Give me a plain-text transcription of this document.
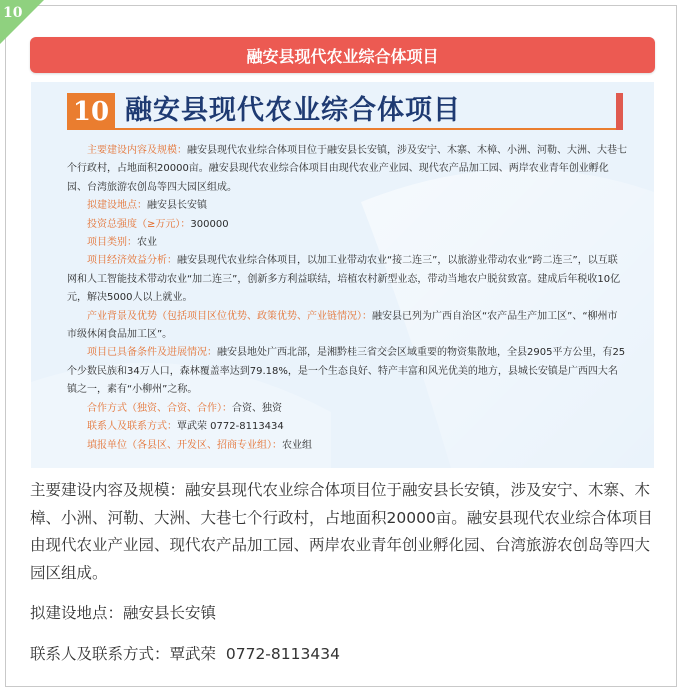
10
融安县现代农业综合体项目
10 融安县现代农业综合体项目

主要建设内容及规模：融安县现代农业综合体项目位于融安县长安镇，涉及安宁、木寨、木樟、小洲、河勒、大洲、大巷七个行政村，占地面积20000亩。融安县现代农业综合体项目由现代农业产业园、现代农产品加工园、两岸农业青年创业孵化园、台湾旅游农创岛等四大园区组成。

拟建设地点：融安县长安镇

投资总强度（≥万元）：300000

项目类别：农业

项目经济效益分析：融安县现代农业综合体项目，以加工业带动农业“接二连三”，以旅游业带动农业“跨二连三”，以互联网和人工智能技术带动农业“加二连三”，创新多方利益联结，培植农村新型业态，带动当地农户脱贫致富。建成后年税收10亿元，解决5000人以上就业。

产业背景及优势（包括项目区位优势、政策优势、产业链情况）：融安县已列为广西自治区“农产品生产加工区”、“柳州市市级休闲食品加工区”。

项目已具备条件及进展情况：融安县地处广西北部，是湘黔桂三省交会区域重要的物资集散地，全县2905平方公里，有25个少数民族和34万人口，森林覆盖率达到79.18%，是一个生态良好、特产丰富和风光优美的地方，县城长安镇是广西四大名镇之一，素有“小柳州”之称。

合作方式（独资、合资、合作）：合资、独资

联系人及联系方式：覃武荣 0772-8113434

填报单位（各县区、开发区、招商专业组）：农业组

主要建设内容及规模：融安县现代农业综合体项目位于融安县长安镇，涉及安宁、木寨、木樟、小洲、河勒、大洲、大巷七个行政村，占地面积20000亩。融安县现代农业综合体项目由现代农业产业园、现代农产品加工园、两岸农业青年创业孵化园、台湾旅游农创岛等四大园区组成。

拟建设地点：融安县长安镇

联系人及联系方式：覃武荣  0772-8113434
